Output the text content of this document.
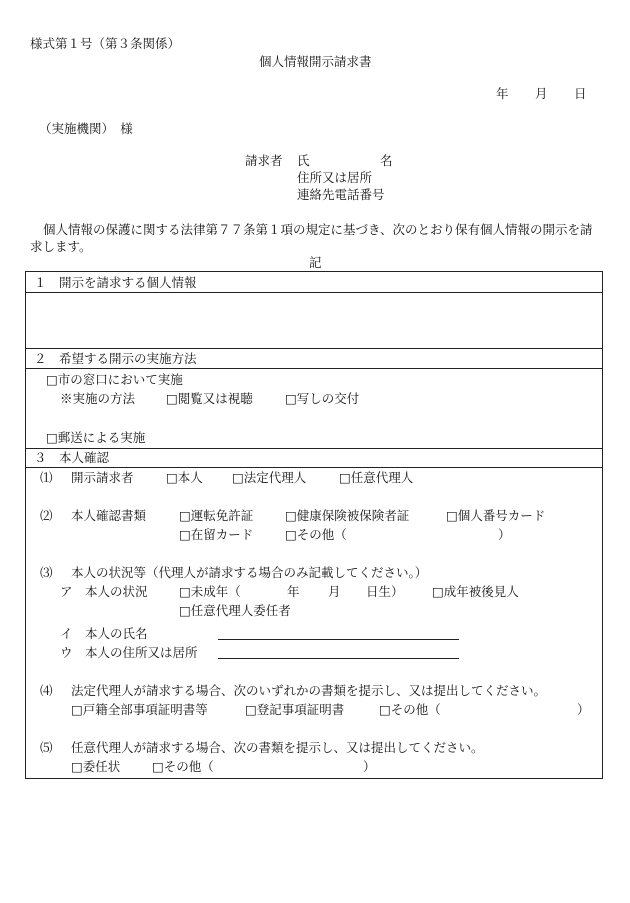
様式第１号（第３条関係）
個人情報開示請求書
年 月 日
（実施機関）　様
請求者 氏	名
住所又は居所
連絡先電話番号
個人情報の保護に関する法律第７７条第１項の規定に基づき、次のとおり保有個人情報の開示を請求します。
記
１　開示を請求する個人情報
２　希望する開示の実施方法
□市の窓口において実施
※実施の方法 □閲覧又は視聴	□写しの交付
□郵送による実施
３　本人確認
⑴ 開示請求者	□本人 □法定代理人	□任意代理人
⑵ 本人確認書類	□運転免許証	□健康保険被保険者証	□個人番号カード
□在留カード	□その他（	）
⑶ 本人の状況等（代理人が請求する場合のみ記載してください。）
ア　本人の状況	□未成年（	年 月 日生） □成年被後見人
□任意代理人委任者
イ　本人の氏名
ウ　本人の住所又は居所
⑷ 法定代理人が請求する場合、次のいずれかの書類を提示し、又は提出してください。
□戸籍全部事項証明書等	□登記事項証明書	□その他（	）
⑸ 任意代理人が請求する場合、次の書類を提示し、又は提出してください。
□委任状	□その他（	）
